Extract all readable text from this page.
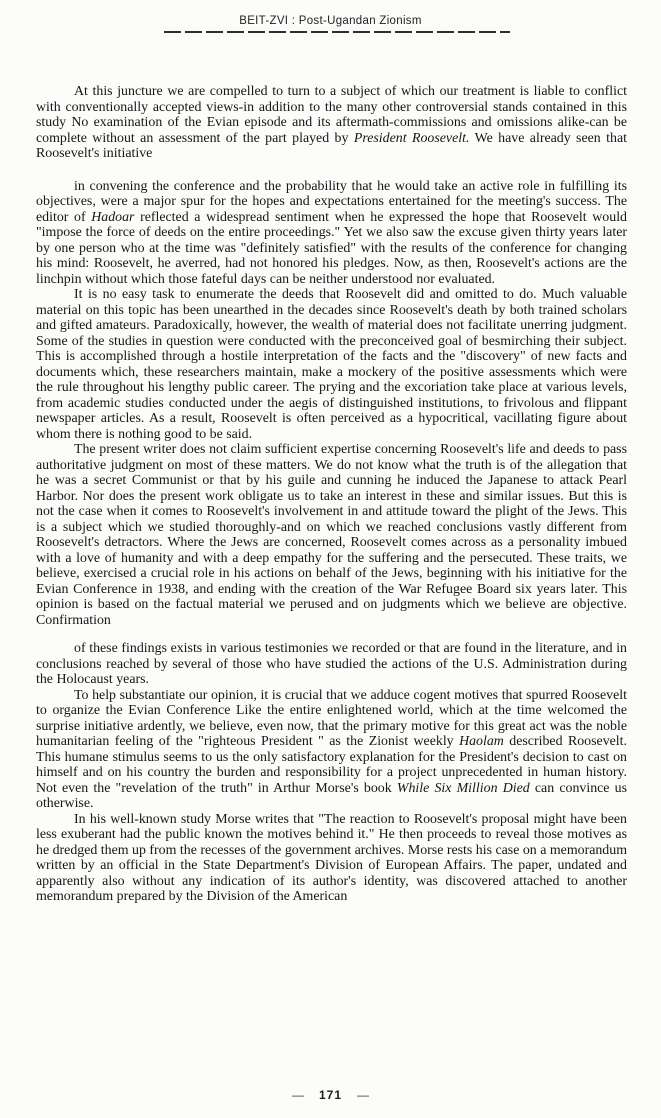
BEIT-ZVI : Post-Ugandan Zionism

At this juncture we are compelled to turn to a subject of which our treatment is liable to conflict with conventionally accepted views-in addition to the many other controversial stands contained in this study No examination of the Evian episode and its aftermath-commissions and omissions alike-can be complete without an assessment of the part played by President Roosevelt. We have already seen that Roosevelt's initiative

in convening the conference and the probability that he would take an active role in fulfilling its objectives, were a major spur for the hopes and expectations entertained for the meeting's success. The editor of Hadoar reflected a widespread sentiment when he expressed the hope that Roosevelt would "impose the force of deeds on the entire proceedings." Yet we also saw the excuse given thirty years later by one person who at the time was "definitely satisfied" with the results of the conference for changing his mind: Roosevelt, he averred, had not honored his pledges. Now, as then, Roosevelt's actions are the linchpin without which those fateful days can be neither understood nor evaluated.

It is no easy task to enumerate the deeds that Roosevelt did and omitted to do. Much valuable material on this topic has been unearthed in the decades since Roosevelt's death by both trained scholars and gifted amateurs. Paradoxically, however, the wealth of material does not facilitate unerring judgment. Some of the studies in question were conducted with the preconceived goal of besmirching their subject. This is accomplished through a hostile interpretation of the facts and the "discovery" of new facts and documents which, these researchers maintain, make a mockery of the positive assessments which were the rule throughout his lengthy public career. The prying and the excoriation take place at various levels, from academic studies conducted under the aegis of distinguished institutions, to frivolous and flippant newspaper articles. As a result, Roosevelt is often perceived as a hypocritical, vacillating figure about whom there is nothing good to be said.

The present writer does not claim sufficient expertise concerning Roosevelt's life and deeds to pass authoritative judgment on most of these matters. We do not know what the truth is of the allegation that he was a secret Communist or that by his guile and cunning he induced the Japanese to attack Pearl Harbor. Nor does the present work obligate us to take an interest in these and similar issues. But this is not the case when it comes to Roosevelt's involvement in and attitude toward the plight of the Jews. This is a subject which we studied thoroughly-and on which we reached conclusions vastly different from Roosevelt's detractors. Where the Jews are concerned, Roosevelt comes across as a personality imbued with a love of humanity and with a deep empathy for the suffering and the persecuted. These traits, we believe, exercised a crucial role in his actions on behalf of the Jews, beginning with his initiative for the Evian Conference in 1938, and ending with the creation of the War Refugee Board six years later. This opinion is based on the factual material we perused and on judgments which we believe are objective. Confirmation

of these findings exists in various testimonies we recorded or that are found in the literature, and in conclusions reached by several of those who have studied the actions of the U.S. Administration during the Holocaust years.

To help substantiate our opinion, it is crucial that we adduce cogent motives that spurred Roosevelt to organize the Evian Conference Like the entire enlightened world, which at the time welcomed the surprise initiative ardently, we believe, even now, that the primary motive for this great act was the noble humanitarian feeling of the "righteous President " as the Zionist weekly Haolam described Roosevelt. This humane stimulus seems to us the only satisfactory explanation for the President's decision to cast on himself and on his country the burden and responsibility for a project unprecedented in human history. Not even the "revelation of the truth" in Arthur Morse's book While Six Million Died can convince us otherwise.

In his well-known study Morse writes that "The reaction to Roosevelt's proposal might have been less exuberant had the public known the motives behind it." He then proceeds to reveal those motives as he dredged them up from the recesses of the government archives. Morse rests his case on a memorandum written by an official in the State Department's Division of European Affairs. The paper, undated and apparently also without any indication of its author's identity, was discovered attached to another memorandum prepared by the Division of the American

— 171 —
